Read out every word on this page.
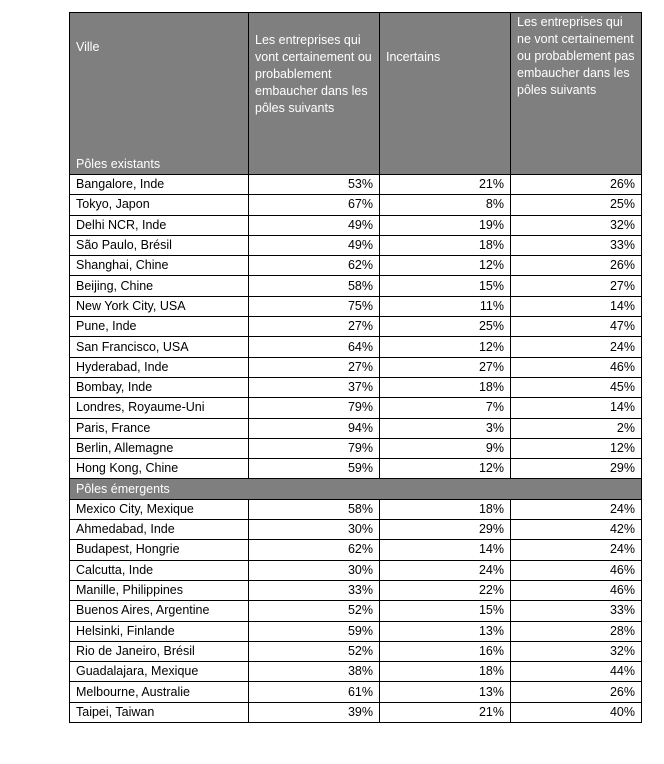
Ville
Pôles existants	Les entreprises qui vont certainement ou probablement embaucher dans les pôles suivants	Incertains	Les entreprises qui ne vont certainement ou probablement pas embaucher dans les pôles suivants

Bangalore, Inde	53%	21%	26%
Tokyo, Japon	67%	8%	25%
Delhi NCR, Inde	49%	19%	32%
São Paulo, Brésil	49%	18%	33%
Shanghai, Chine	62%	12%	26%
Beijing, Chine	58%	15%	27%
New York City, USA	75%	11%	14%
Pune, Inde	27%	25%	47%
San Francisco, USA	64%	12%	24%
Hyderabad, Inde	27%	27%	46%
Bombay, Inde	37%	18%	45%
Londres, Royaume-Uni	79%	7%	14%
Paris, France	94%	3%	2%
Berlin, Allemagne	79%	9%	12%
Hong Kong, Chine	59%	12%	29%
Pôles émergents			
Mexico City, Mexique	58%	18%	24%
Ahmedabad, Inde	30%	29%	42%
Budapest, Hongrie	62%	14%	24%
Calcutta, Inde	30%	24%	46%
Manille, Philippines	33%	22%	46%
Buenos Aires, Argentine	52%	15%	33%
Helsinki, Finlande	59%	13%	28%
Rio de Janeiro, Brésil	52%	16%	32%
Guadalajara, Mexique	38%	18%	44%
Melbourne, Australie	61%	13%	26%
Taipei, Taiwan	39%	21%	40%
